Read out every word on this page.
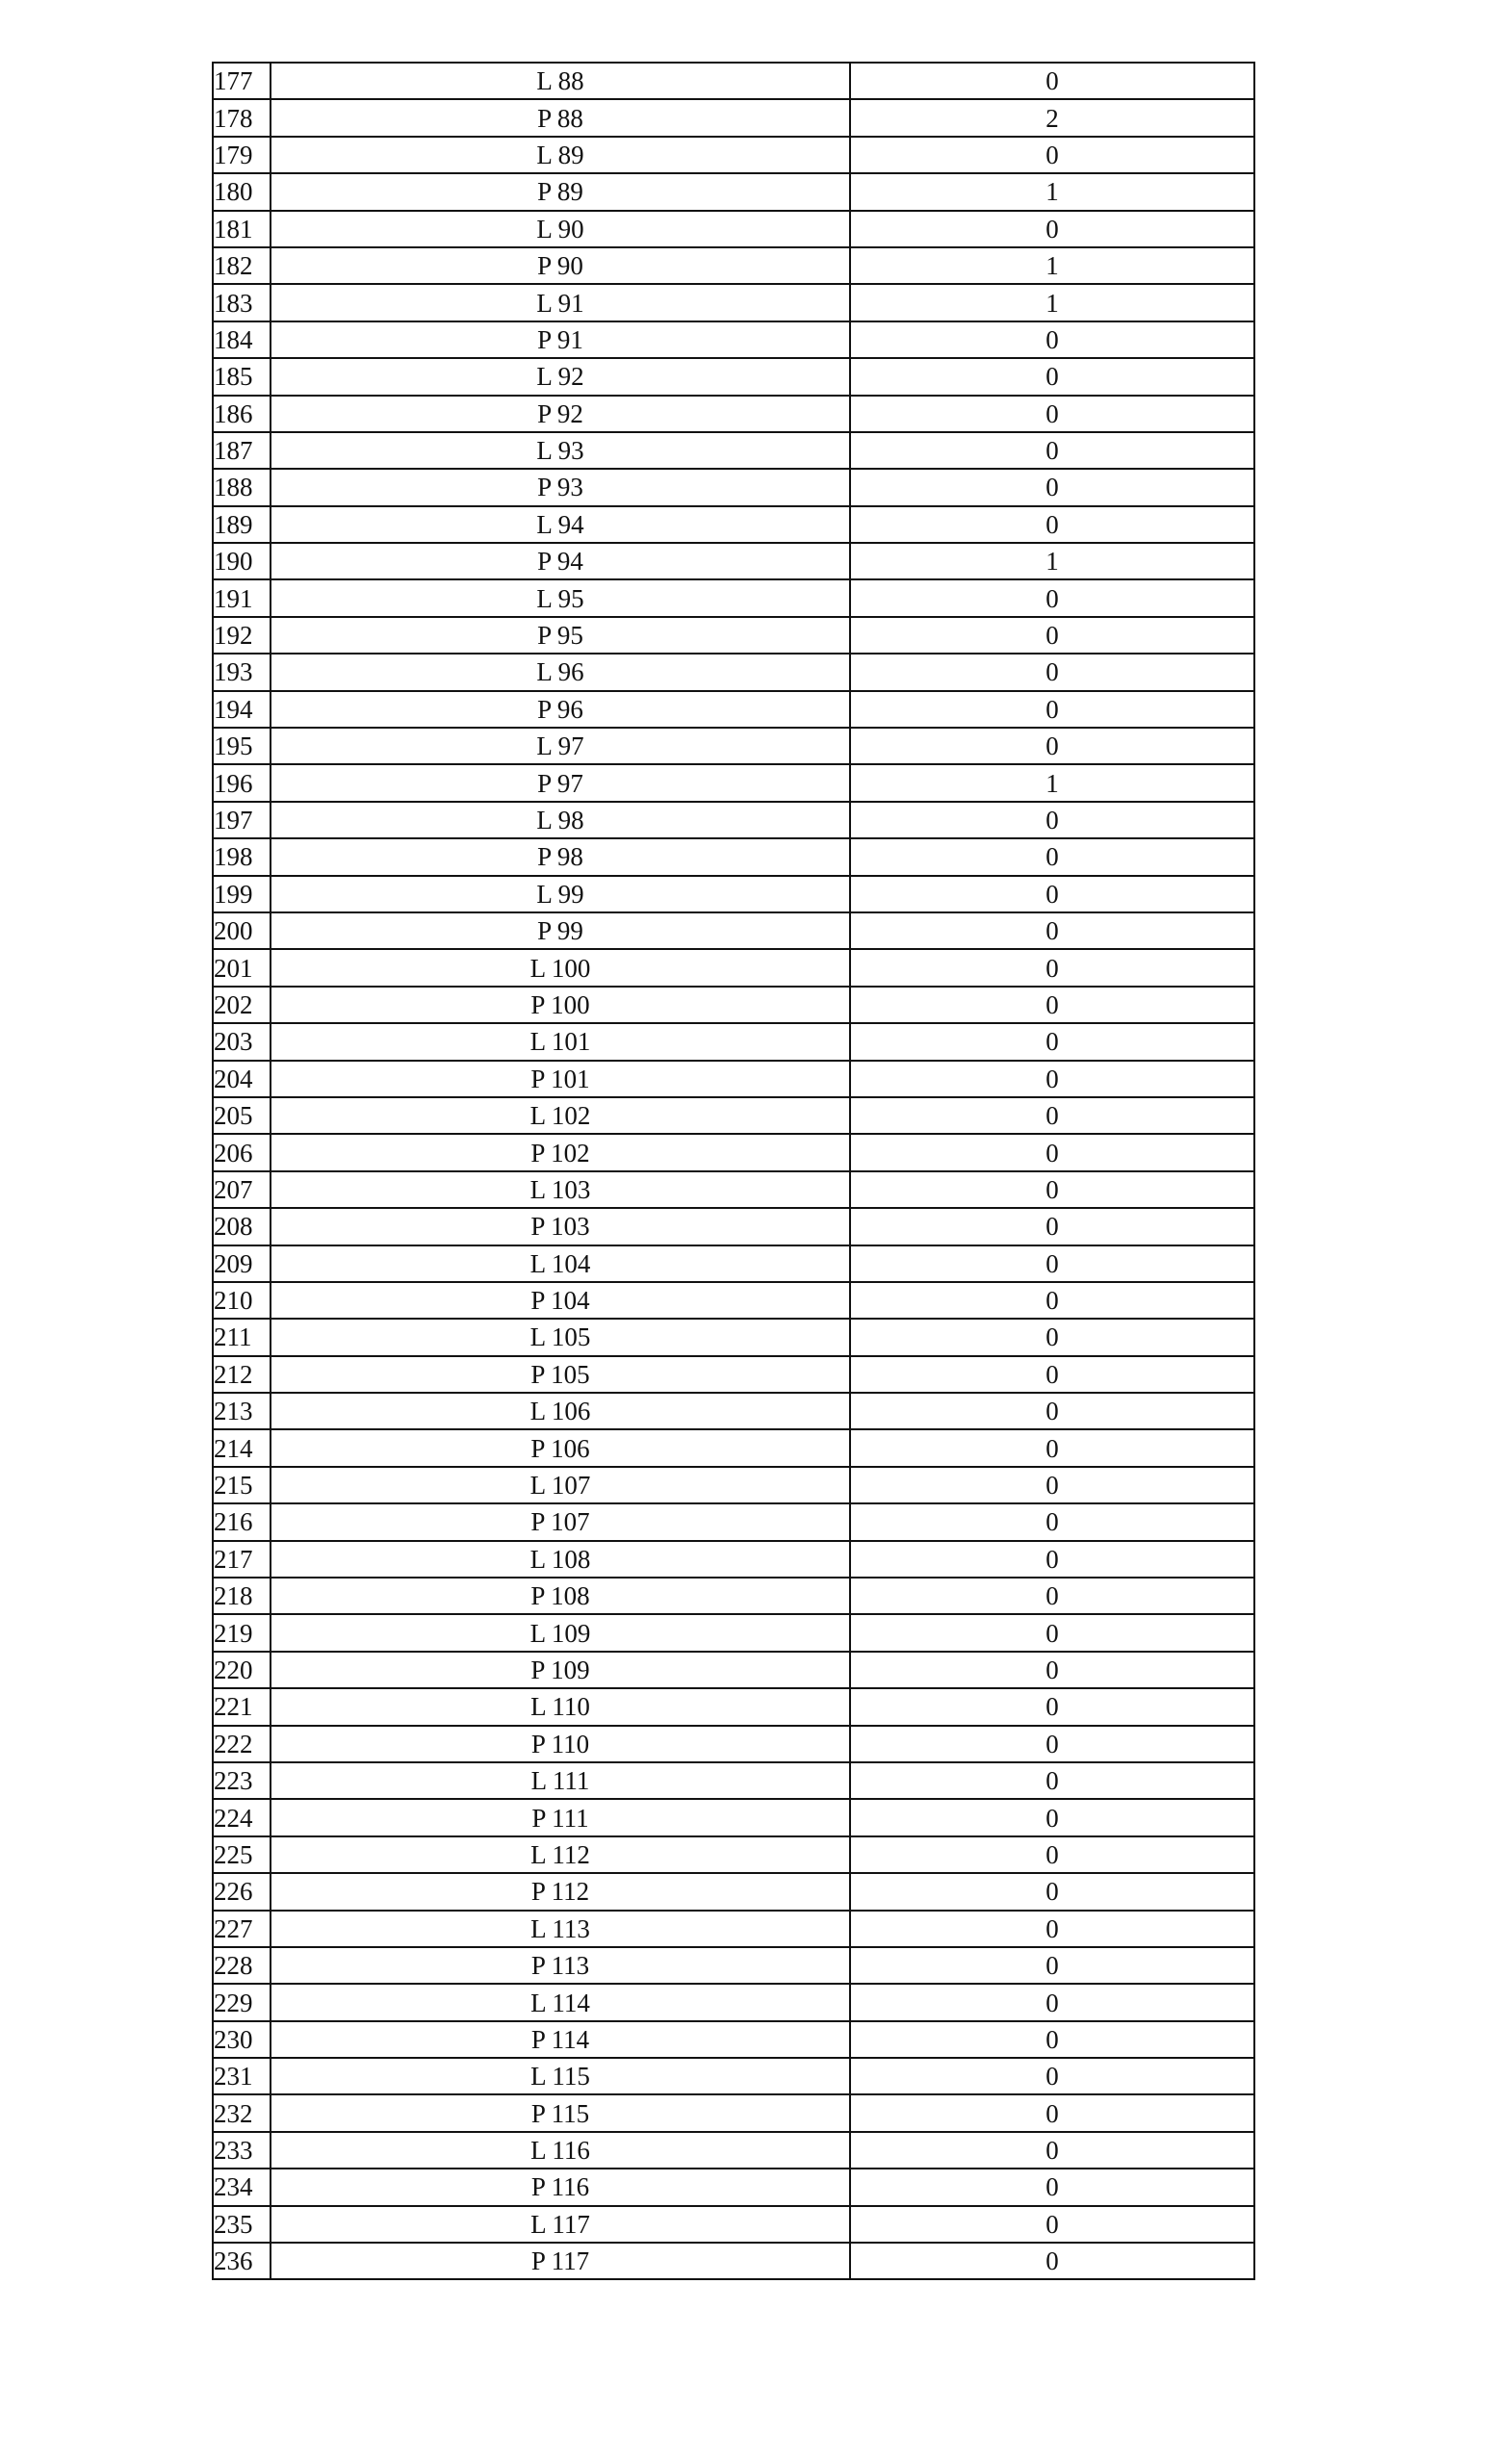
177	L 88	0
178	P 88	2
179	L 89	0
180	P 89	1
181	L 90	0
182	P 90	1
183	L 91	1
184	P 91	0
185	L 92	0
186	P 92	0
187	L 93	0
188	P 93	0
189	L 94	0
190	P 94	1
191	L 95	0
192	P 95	0
193	L 96	0
194	P 96	0
195	L 97	0
196	P 97	1
197	L 98	0
198	P 98	0
199	L 99	0
200	P 99	0
201	L 100	0
202	P 100	0
203	L 101	0
204	P 101	0
205	L 102	0
206	P 102	0
207	L 103	0
208	P 103	0
209	L 104	0
210	P 104	0
211	L 105	0
212	P 105	0
213	L 106	0
214	P 106	0
215	L 107	0
216	P 107	0
217	L 108	0
218	P 108	0
219	L 109	0
220	P 109	0
221	L 110	0
222	P 110	0
223	L 111	0
224	P 111	0
225	L 112	0
226	P 112	0
227	L 113	0
228	P 113	0
229	L 114	0
230	P 114	0
231	L 115	0
232	P 115	0
233	L 116	0
234	P 116	0
235	L 117	0
236	P 117	0
